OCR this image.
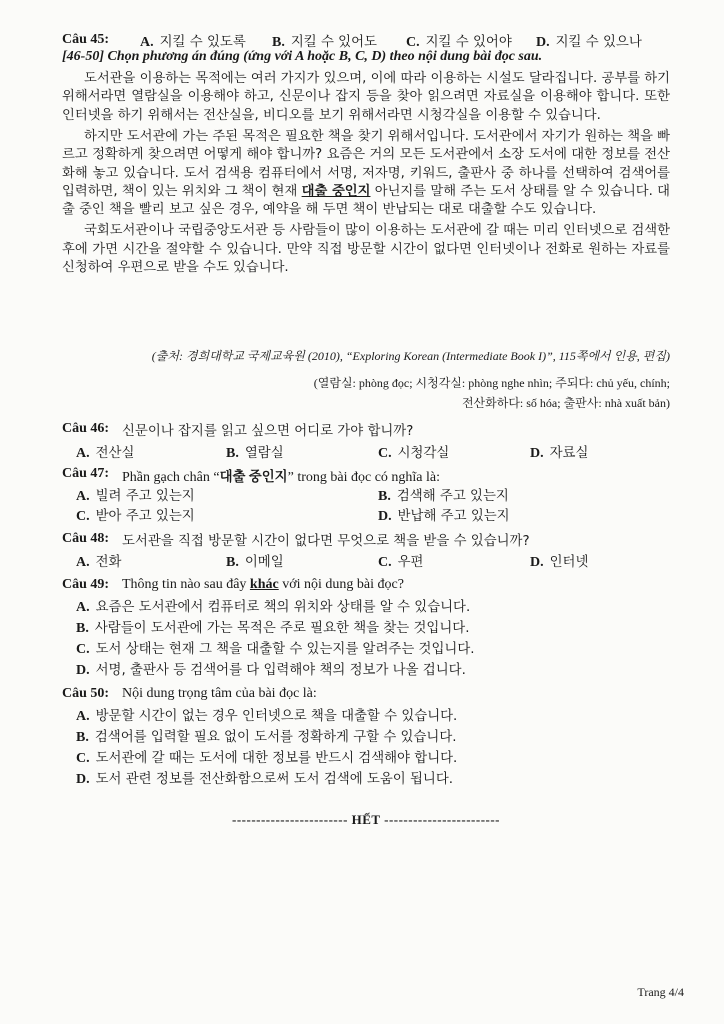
Câu 45: A. 지킬 수 있도록 B. 지킬 수 있어도 C. 지킬 수 있어야 D. 지킬 수 있으나
[46-50] Chọn phương án đúng (ứng với A hoặc B, C, D) theo nội dung bài đọc sau.

도서관을 이용하는 목적에는 여러 가지가 있으며, 이에 따라 이용하는 시설도 달라집니다. 공부를 하기 위해서라면 열람실을 이용해야 하고, 신문이나 잡지 등을 찾아 읽으려면 자료실을 이용해야 합니다. 또한 인터넷을 하기 위해서는 전산실을, 비디오를 보기 위해서라면 시청각실을 이용할 수 있습니다.

하지만 도서관에 가는 주된 목적은 필요한 책을 찾기 위해서입니다. 도서관에서 자기가 원하는 책을 빠르고 정확하게 찾으려면 어떻게 해야 합니까? 요즘은 거의 모든 도서관에서 소장 도서에 대한 정보를 전산화해 놓고 있습니다. 도서 검색용 컴퓨터에서 서명, 저자명, 키워드, 출판사 중 하나를 선택하여 검색어를 입력하면, 책이 있는 위치와 그 책이 현재 대출 중인지 아닌지를 말해 주는 도서 상태를 알 수 있습니다. 대출 중인 책을 빨리 보고 싶은 경우, 예약을 해 두면 책이 반납되는 대로 대출할 수도 있습니다.

국회도서관이나 국립중앙도서관 등 사람들이 많이 이용하는 도서관에 갈 때는 미리 인터넷으로 검색한 후에 가면 시간을 절약할 수 있습니다. 만약 직접 방문할 시간이 없다면 인터넷이나 전화로 원하는 자료를 신청하여 우편으로 받을 수도 있습니다.

(출처: 경희대학교 국제교육원 (2010), “Exploring Korean (Intermediate Book I)”, 115쪽에서 인용, 편집)
(열람실: phòng đọc; 시청각실: phòng nghe nhìn; 주되다: chủ yếu, chính;
전산화하다: số hóa; 출판사: nhà xuất bản)
Câu 46: 신문이나 잡지를 읽고 싶으면 어디로 가야 합니까?
A. 전산실	B. 열람실	C. 시청각실	D. 자료실
Câu 47: Phần gạch chân “대출 중인지” trong bài đọc có nghĩa là:
A. 빌려 주고 있는지	B. 검색해 주고 있는지
C. 받아 주고 있는지	D. 반납해 주고 있는지
Câu 48: 도서관을 직접 방문할 시간이 없다면 무엇으로 책을 받을 수 있습니까?
A. 전화	B. 이메일	C. 우편	D. 인터넷
Câu 49: Thông tin nào sau đây khác với nội dung bài đọc?
A. 요즘은 도서관에서 컴퓨터로 책의 위치와 상태를 알 수 있습니다.
B. 사람들이 도서관에 가는 목적은 주로 필요한 책을 찾는 것입니다.
C. 도서 상태는 현재 그 책을 대출할 수 있는지를 알려주는 것입니다.
D. 서명, 출판사 등 검색어를 다 입력해야 책의 정보가 나올 겁니다.
Câu 50: Nội dung trọng tâm của bài đọc là:
A. 방문할 시간이 없는 경우 인터넷으로 책을 대출할 수 있습니다.
B. 검색어를 입력할 필요 없이 도서를 정확하게 구할 수 있습니다.
C. 도서관에 갈 때는 도서에 대한 정보를 반드시 검색해야 합니다.
D. 도서 관련 정보를 전산화함으로써 도서 검색에 도움이 됩니다.
------------------------ HẾT ------------------------
Trang 4/4
